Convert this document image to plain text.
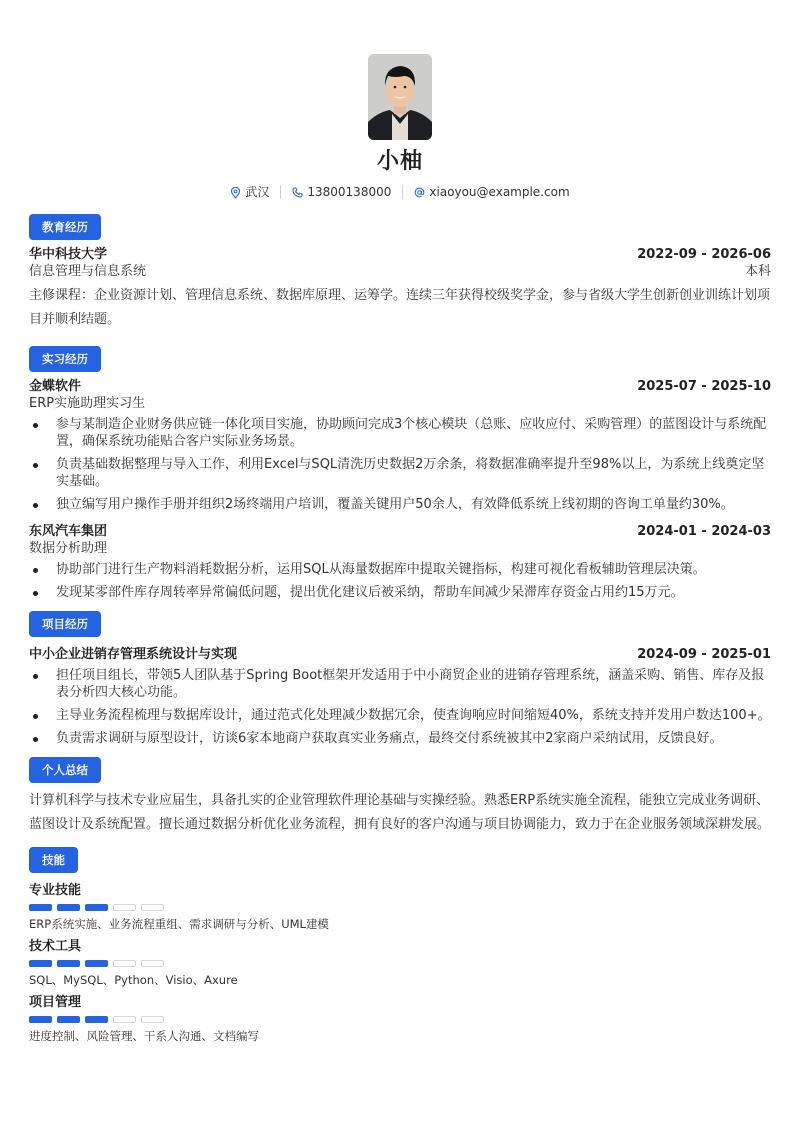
小柚
武汉	13800138000	xiaoyou@example.com
教育经历
华中科技大学	2022-09 - 2026-06
信息管理与信息系统	本科

主修课程：企业资源计划、管理信息系统、数据库原理、运筹学。连续三年获得校级奖学金，参与省级大学生创新创业训练计划项目并顺利结题。

实习经历
金蝶软件	2025-07 - 2025-10
ERP实施助理实习生
参与某制造企业财务供应链一体化项目实施，协助顾问完成3个核心模块（总账、应收应付、采购管理）的蓝图设计与系统配置，确保系统功能贴合客户实际业务场景。
负责基础数据整理与导入工作，利用Excel与SQL清洗历史数据2万余条，将数据准确率提升至98%以上，为系统上线奠定坚实基础。
独立编写用户操作手册并组织2场终端用户培训，覆盖关键用户50余人，有效降低系统上线初期的咨询工单量约30%。
东风汽车集团	2024-01 - 2024-03
数据分析助理
协助部门进行生产物料消耗数据分析，运用SQL从海量数据库中提取关键指标，构建可视化看板辅助管理层决策。
发现某零部件库存周转率异常偏低问题，提出优化建议后被采纳，帮助车间减少呆滞库存资金占用约15万元。
项目经历
中小企业进销存管理系统设计与实现	2024-09 - 2025-01
担任项目组长，带领5人团队基于Spring Boot框架开发适用于中小商贸企业的进销存管理系统，涵盖采购、销售、库存及报表分析四大核心功能。
主导业务流程梳理与数据库设计，通过范式化处理减少数据冗余，使查询响应时间缩短40%，系统支持并发用户数达100+。
负责需求调研与原型设计，访谈6家本地商户获取真实业务痛点，最终交付系统被其中2家商户采纳试用，反馈良好。
个人总结

计算机科学与技术专业应届生，具备扎实的企业管理软件理论基础与实操经验。熟悉ERP系统实施全流程，能独立完成业务调研、蓝图设计及系统配置。擅长通过数据分析优化业务流程，拥有良好的客户沟通与项目协调能力，致力于在企业服务领域深耕发展。

技能
专业技能
ERP系统实施、业务流程重组、需求调研与分析、UML建模
技术工具
SQL、MySQL、Python、Visio、Axure
项目管理
进度控制、风险管理、干系人沟通、文档编写
